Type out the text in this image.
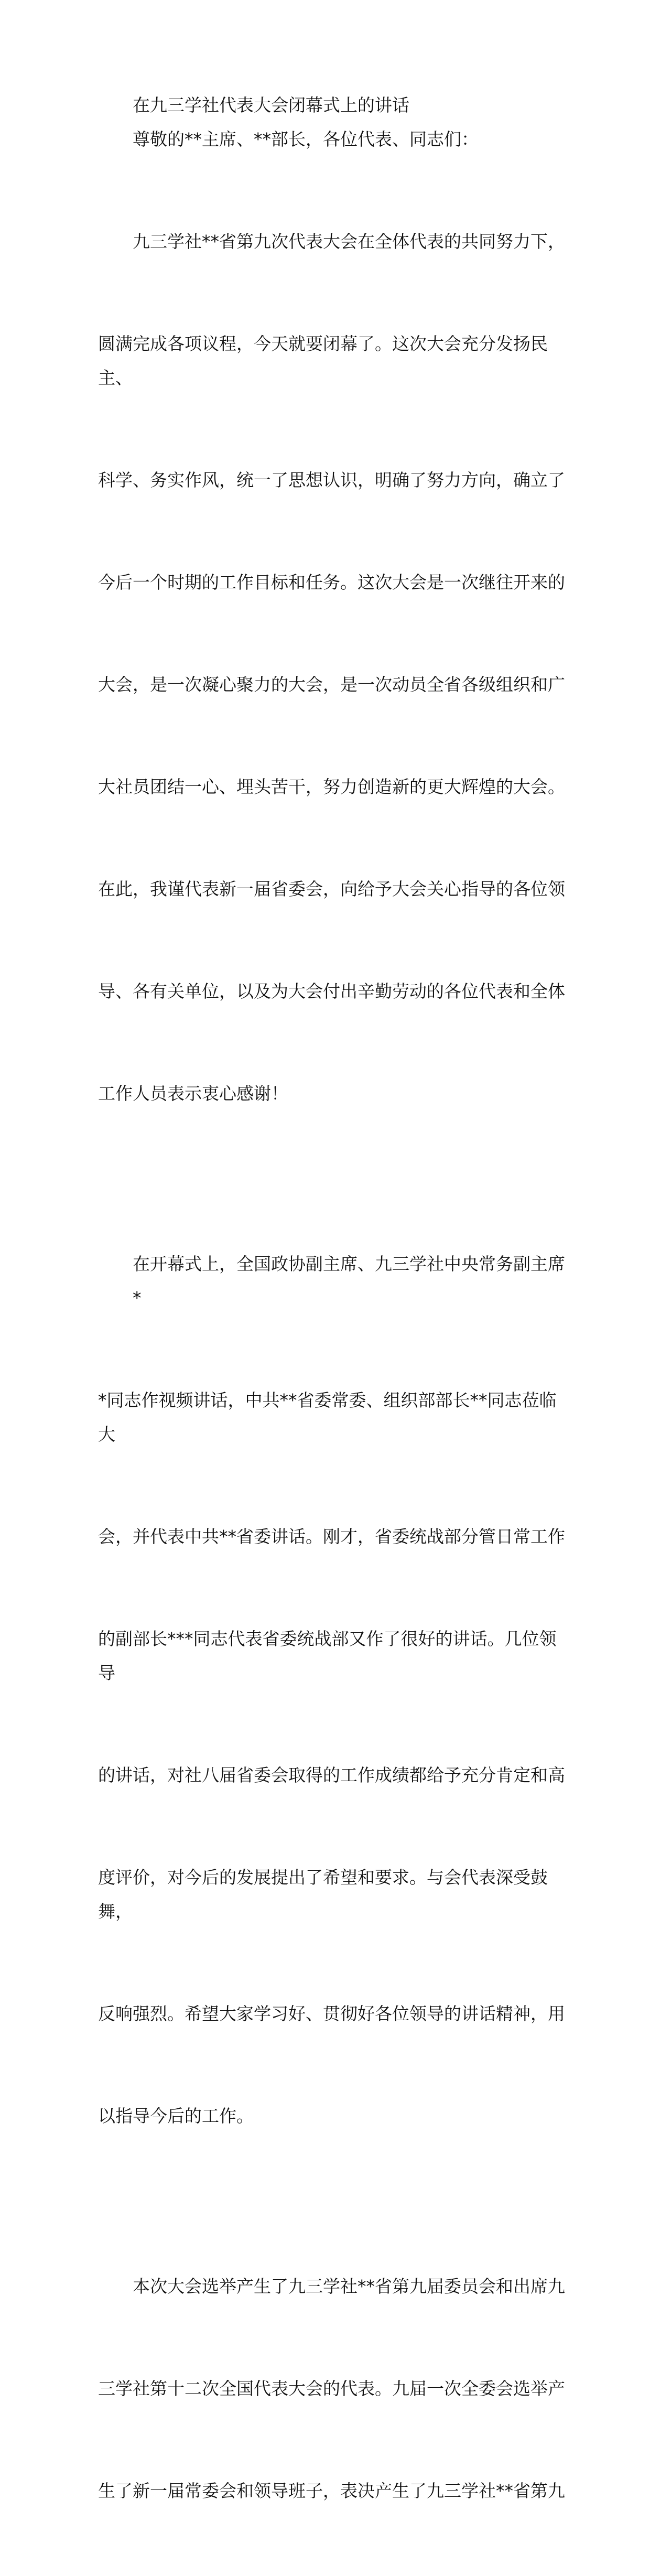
在九三学社代表大会闭幕式上的讲话

尊敬的**主席、**部长，各位代表、同志们：

九三学社**省第九次代表大会在全体代表的共同努力下，

圆满完成各项议程，今天就要闭幕了。这次大会充分发扬民主、

科学、务实作风，统一了思想认识，明确了努力方向，确立了

今后一个时期的工作目标和任务。这次大会是一次继往开来的

大会，是一次凝心聚力的大会，是一次动员全省各级组织和广

大社员团结一心、埋头苦干，努力创造新的更大辉煌的大会。

在此，我谨代表新一届省委会，向给予大会关心指导的各位领

导、各有关单位，以及为大会付出辛勤劳动的各位代表和全体

工作人员表示衷心感谢！

在开幕式上，全国政协副主席、九三学社中央常务副主席*

*同志作视频讲话，中共**省委常委、组织部部长**同志莅临大

会，并代表中共**省委讲话。刚才，省委统战部分管日常工作

的副部长***同志代表省委统战部又作了很好的讲话。几位领导

的讲话，对社八届省委会取得的工作成绩都给予充分肯定和高

度评价，对今后的发展提出了希望和要求。与会代表深受鼓舞，

反响强烈。希望大家学习好、贯彻好各位领导的讲话精神，用

以指导今后的工作。

本次大会选举产生了九三学社**省第九届委员会和出席九

三学社第十二次全国代表大会的代表。九届一次全委会选举产

生了新一届常委会和领导班子，表决产生了九三学社**省第九
